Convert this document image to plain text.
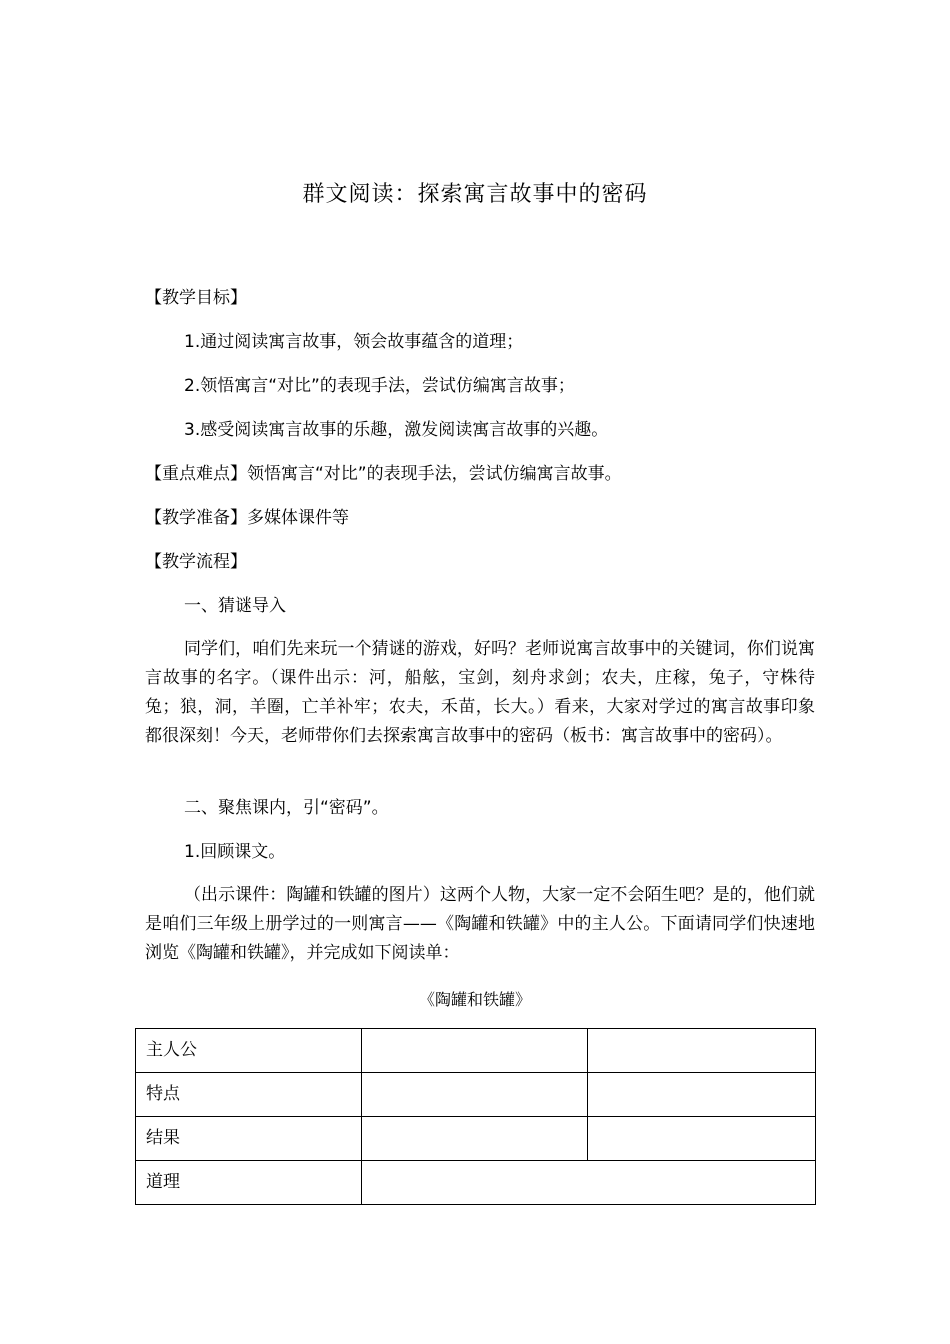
群文阅读：探索寓言故事中的密码
【教学目标】
1.通过阅读寓言故事，领会故事蕴含的道理；
2.领悟寓言“对比”的表现手法，尝试仿编寓言故事；
3.感受阅读寓言故事的乐趣，激发阅读寓言故事的兴趣。
【重点难点】领悟寓言“对比”的表现手法，尝试仿编寓言故事。
【教学准备】多媒体课件等
【教学流程】
一、猜谜导入
同学们，咱们先来玩一个猜谜的游戏，好吗？老师说寓言故事中的关键词，你们说寓言故事的名字。（课件出示：河，船舷，宝剑，刻舟求剑；农夫，庄稼，兔子，守株待兔；狼，洞，羊圈，亡羊补牢；农夫，禾苗，长大。）看来，大家对学过的寓言故事印象都很深刻！今天，老师带你们去探索寓言故事中的密码（板书：寓言故事中的密码）。
二、聚焦课内，引“密码”。
1.回顾课文。
（出示课件：陶罐和铁罐的图片）这两个人物，大家一定不会陌生吧？是的，他们就是咱们三年级上册学过的一则寓言——《陶罐和铁罐》中的主人公。下面请同学们快速地浏览《陶罐和铁罐》，并完成如下阅读单：
《陶罐和铁罐》
主人公		
特点		
结果		
道理		
